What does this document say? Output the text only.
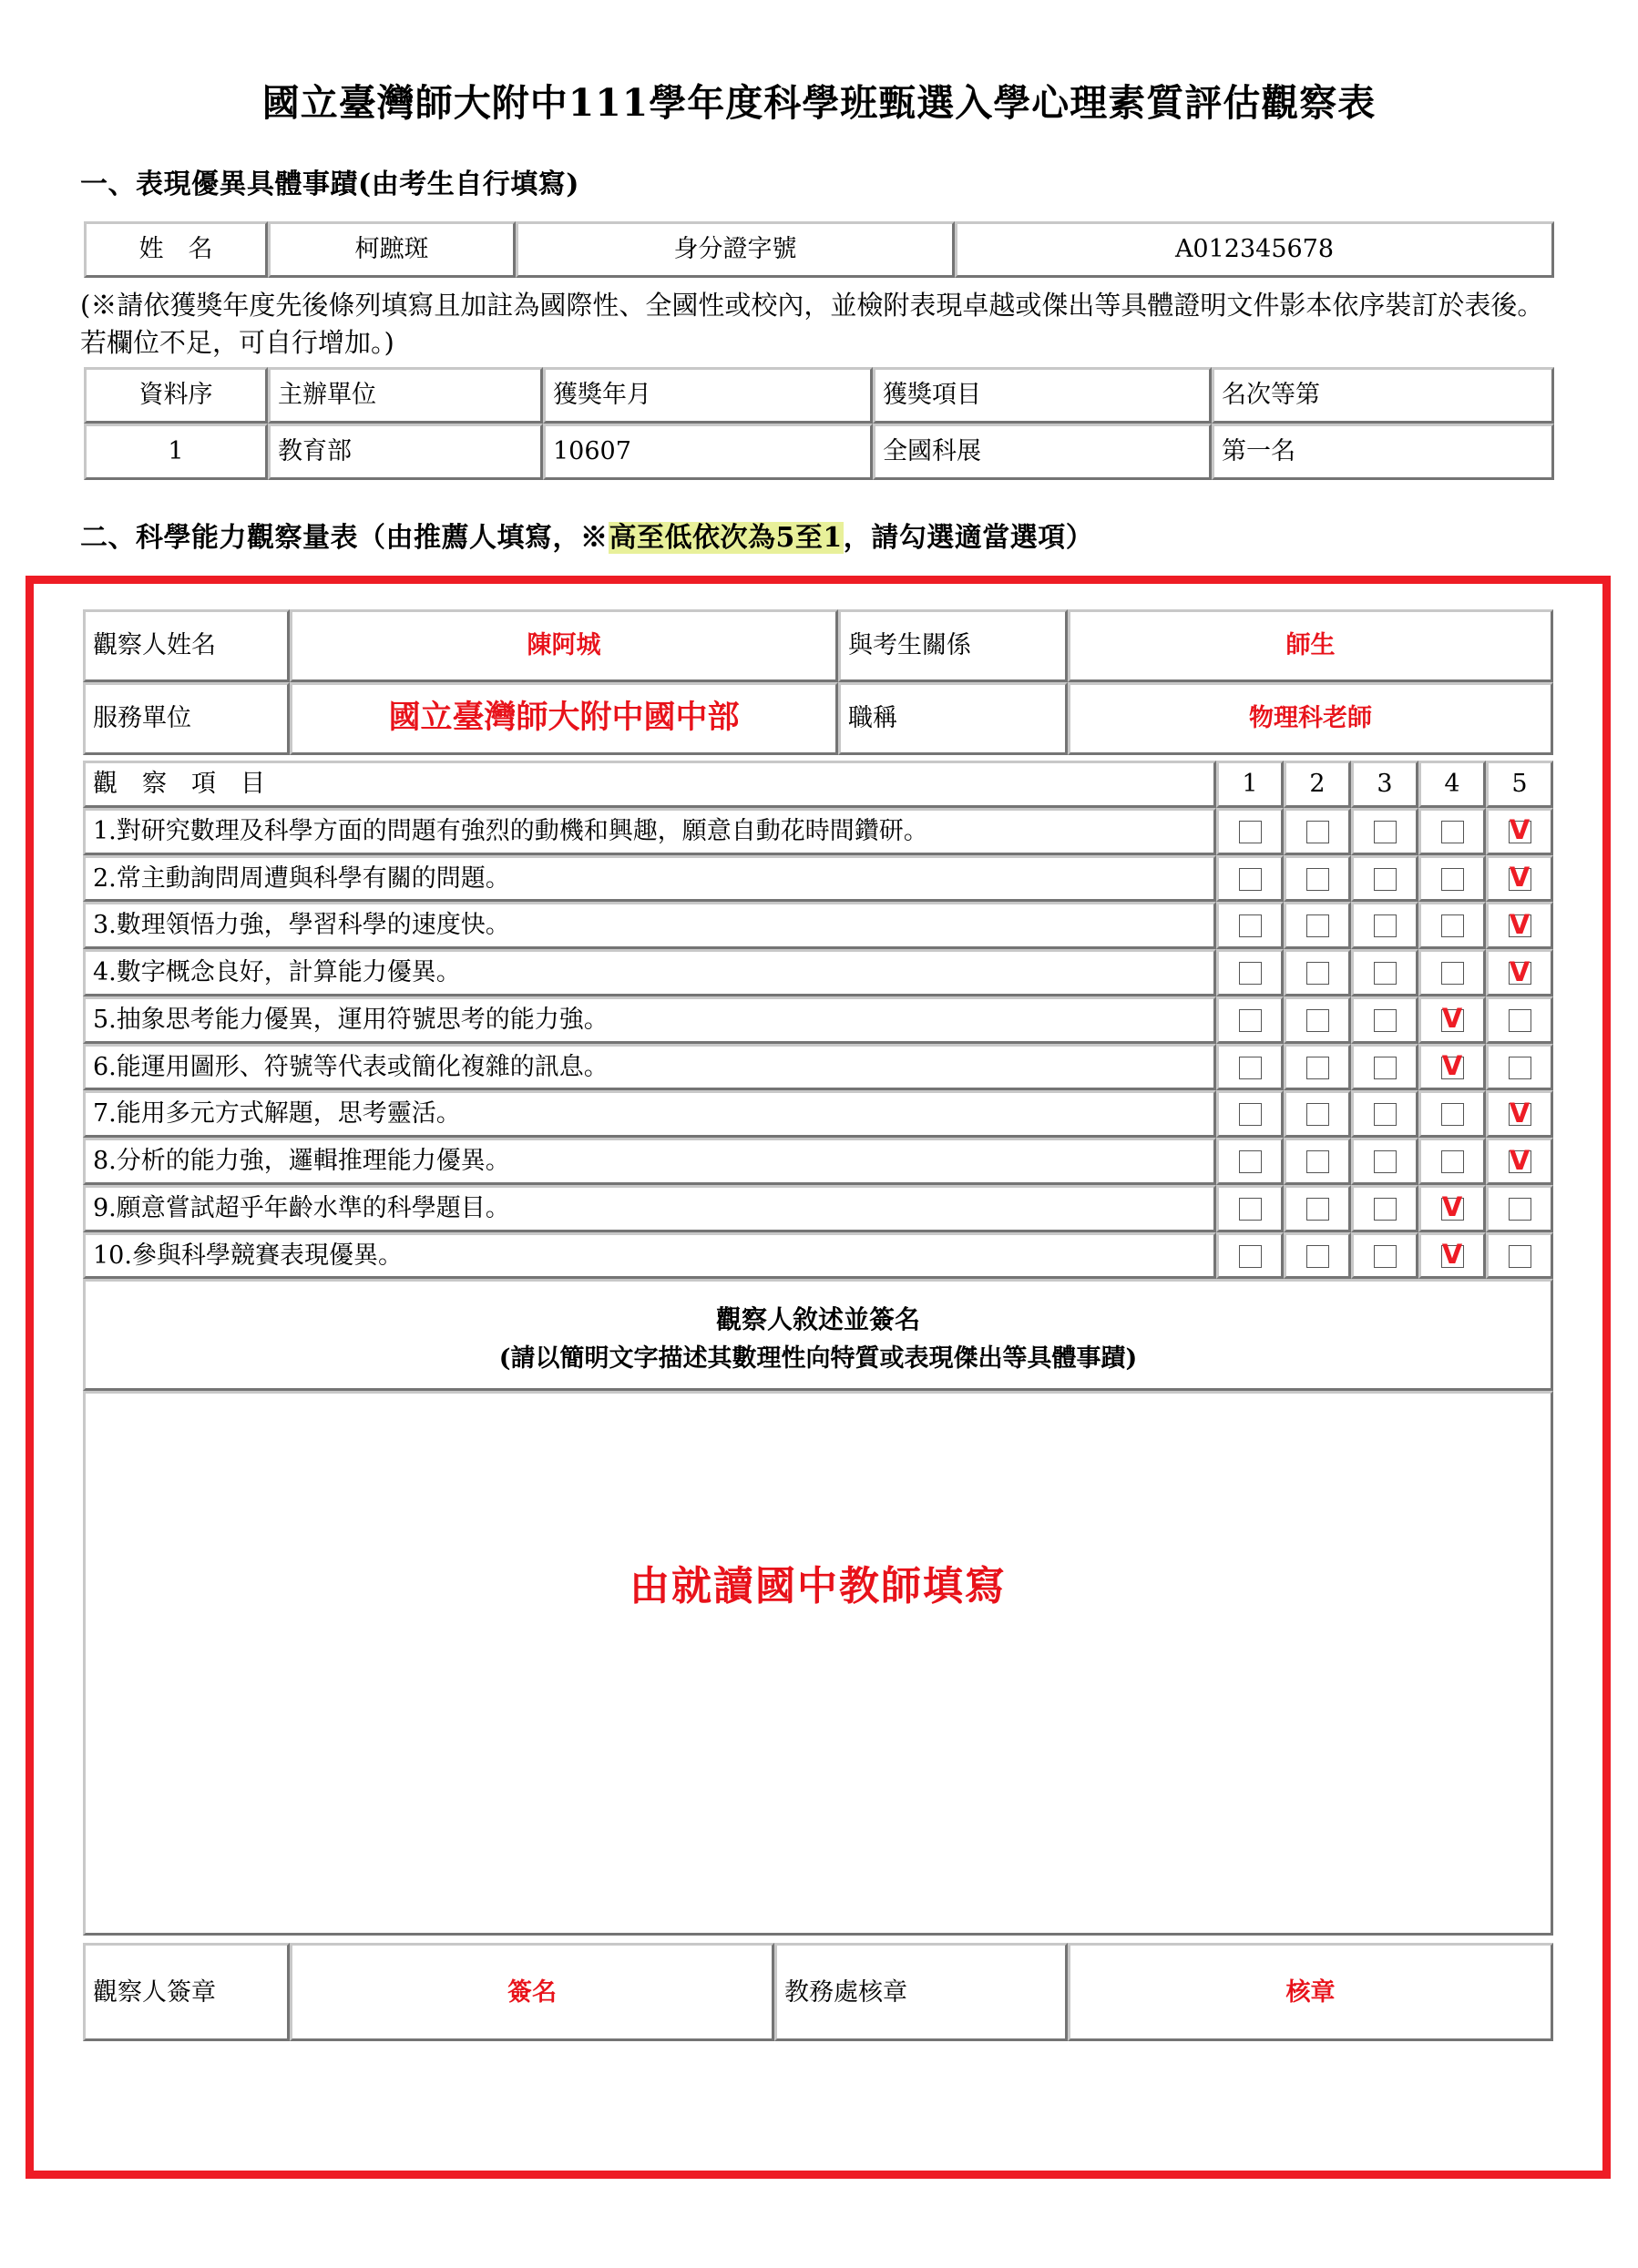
國立臺灣師大附中111學年度科學班甄選入學心理素質評估觀察表
一、表現優異具體事蹟(由考生自行填寫)
姓　名	柯蹠斑	身分證字號	A012345678
(※請依獲獎年度先後條列填寫且加註為國際性、全國性或校內，並檢附表現卓越或傑出等具體證明文件影本依序裝訂於表後。若欄位不足，可自行增加。)
資料序	主辦單位	獲獎年月	獲獎項目	名次等第
1	教育部	10607	全國科展	第一名
二、科學能力觀察量表（由推薦人填寫，※高至低依次為5至1，請勾選適當選項）
觀察人姓名	陳阿城	與考生關係	師生
服務單位	國立臺灣師大附中國中部	職稱	物理科老師
觀　察　項　目	1	2	3	4	5
1.對研究數理及科學方面的問題有強烈的動機和興趣，願意自動花時間鑽研。					V
2.常主動詢問周遭與科學有關的問題。					V
3.數理領悟力強，學習科學的速度快。					V
4.數字概念良好，計算能力優異。					V
5.抽象思考能力優異，運用符號思考的能力強。				V	
6.能運用圖形、符號等代表或簡化複雜的訊息。				V	
7.能用多元方式解題，思考靈活。					V
8.分析的能力強，邏輯推理能力優異。					V
9.願意嘗試超乎年齡水準的科學題目。				V	
10.參與科學競賽表現優異。				V	
觀察人敘述並簽名
(請以簡明文字描述其數理性向特質或表現傑出等具體事蹟)

由就讀國中教師填寫
觀察人簽章	簽名	教務處核章	核章
